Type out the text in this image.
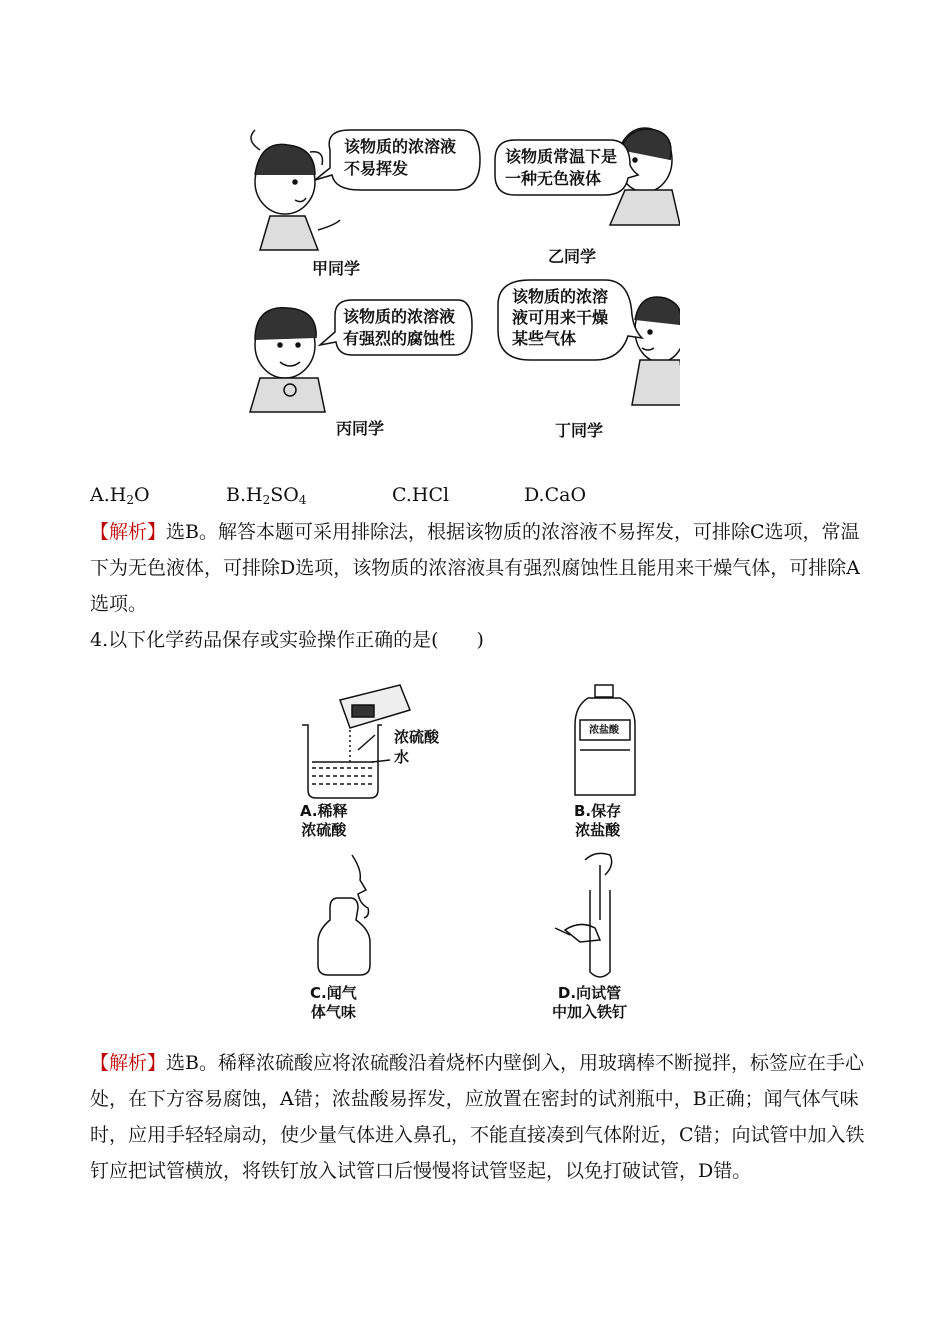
该物质的浓溶液
不易挥发
该物质常温下是
一种无色液体
该物质的浓溶液
有强烈的腐蚀性
该物质的浓溶
液可用来干燥
某些气体
甲同学
乙同学
丙同学	丁同学
$A.H_2O$	$B.H_2SO_4$	C.HCl	D.CaO
【解析】选B。解答本题可采用排除法，根据该物质的浓溶液不易挥发，可排除C选项，常温下为无色液体，可排除D选项，该物质的浓溶液具有强烈腐蚀性且能用来干燥气体，可排除A选项。
4.以下化学药品保存或实验操作正确的是(　　)
浓硫酸
水
浓盐酸
A.稀释
浓硫酸
B.保存
浓盐酸
C.闻气
体气味
D.向试管
中加入铁钉
【解析】选B。稀释浓硫酸应将浓硫酸沿着烧杯内壁倒入，用玻璃棒不断搅拌，标签应在手心处，在下方容易腐蚀，A错；浓盐酸易挥发，应放置在密封的试剂瓶中，B正确；闻气体气味时，应用手轻轻扇动，使少量气体进入鼻孔，不能直接凑到气体附近，C错；向试管中加入铁钉应把试管横放，将铁钉放入试管口后慢慢将试管竖起，以免打破试管，D错。
